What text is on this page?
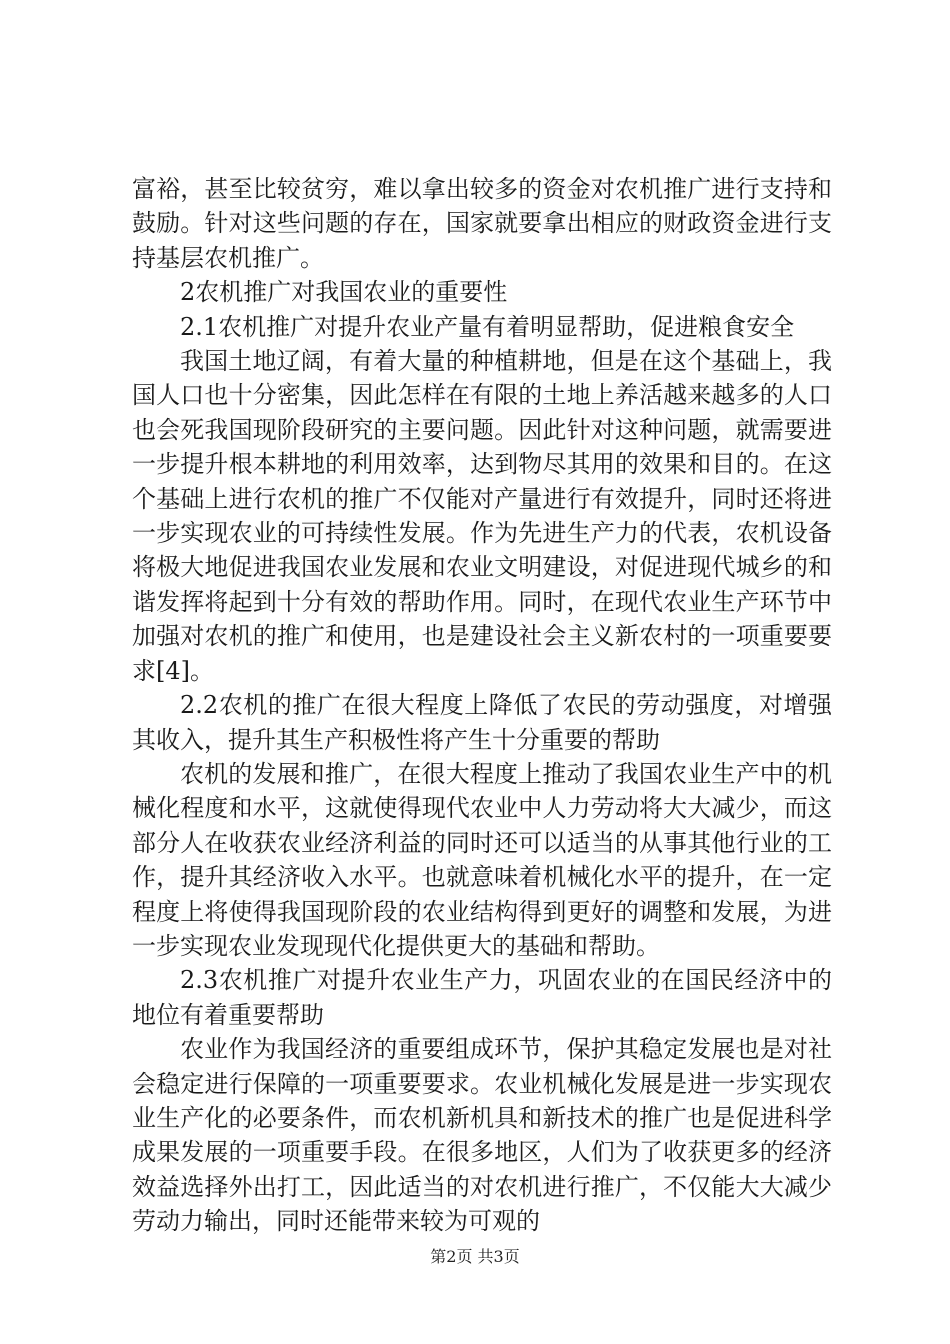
富裕，甚至比较贫穷，难以拿出较多的资金对农机推广进行支持和鼓励。针对这些问题的存在，国家就要拿出相应的财政资金进行支持基层农机推广。

2农机推广对我国农业的重要性

2.1农机推广对提升农业产量有着明显帮助，促进粮食安全

我国土地辽阔，有着大量的种植耕地，但是在这个基础上，我国人口也十分密集，因此怎样在有限的土地上养活越来越多的人口也会死我国现阶段研究的主要问题。因此针对这种问题，就需要进一步提升根本耕地的利用效率，达到物尽其用的效果和目的。在这个基础上进行农机的推广不仅能对产量进行有效提升，同时还将进一步实现农业的可持续性发展。作为先进生产力的代表，农机设备将极大地促进我国农业发展和农业文明建设，对促进现代城乡的和谐发挥将起到十分有效的帮助作用。同时，在现代农业生产环节中加强对农机的推广和使用，也是建设社会主义新农村的一项重要要求[4]。

2.2农机的推广在很大程度上降低了农民的劳动强度，对增强其收入，提升其生产积极性将产生十分重要的帮助

农机的发展和推广，在很大程度上推动了我国农业生产中的机械化程度和水平，这就使得现代农业中人力劳动将大大减少，而这部分人在收获农业经济利益的同时还可以适当的从事其他行业的工作，提升其经济收入水平。也就意味着机械化水平的提升，在一定程度上将使得我国现阶段的农业结构得到更好的调整和发展，为进一步实现农业发现现代化提供更大的基础和帮助。

2.3农机推广对提升农业生产力，巩固农业的在国民经济中的地位有着重要帮助

农业作为我国经济的重要组成环节，保护其稳定发展也是对社会稳定进行保障的一项重要要求。农业机械化发展是进一步实现农业生产化的必要条件，而农机新机具和新技术的推广也是促进科学成果发展的一项重要手段。在很多地区，人们为了收获更多的经济效益选择外出打工，因此适当的对农机进行推广，不仅能大大减少劳动力输出，同时还能带来较为可观的

第2页 共3页
